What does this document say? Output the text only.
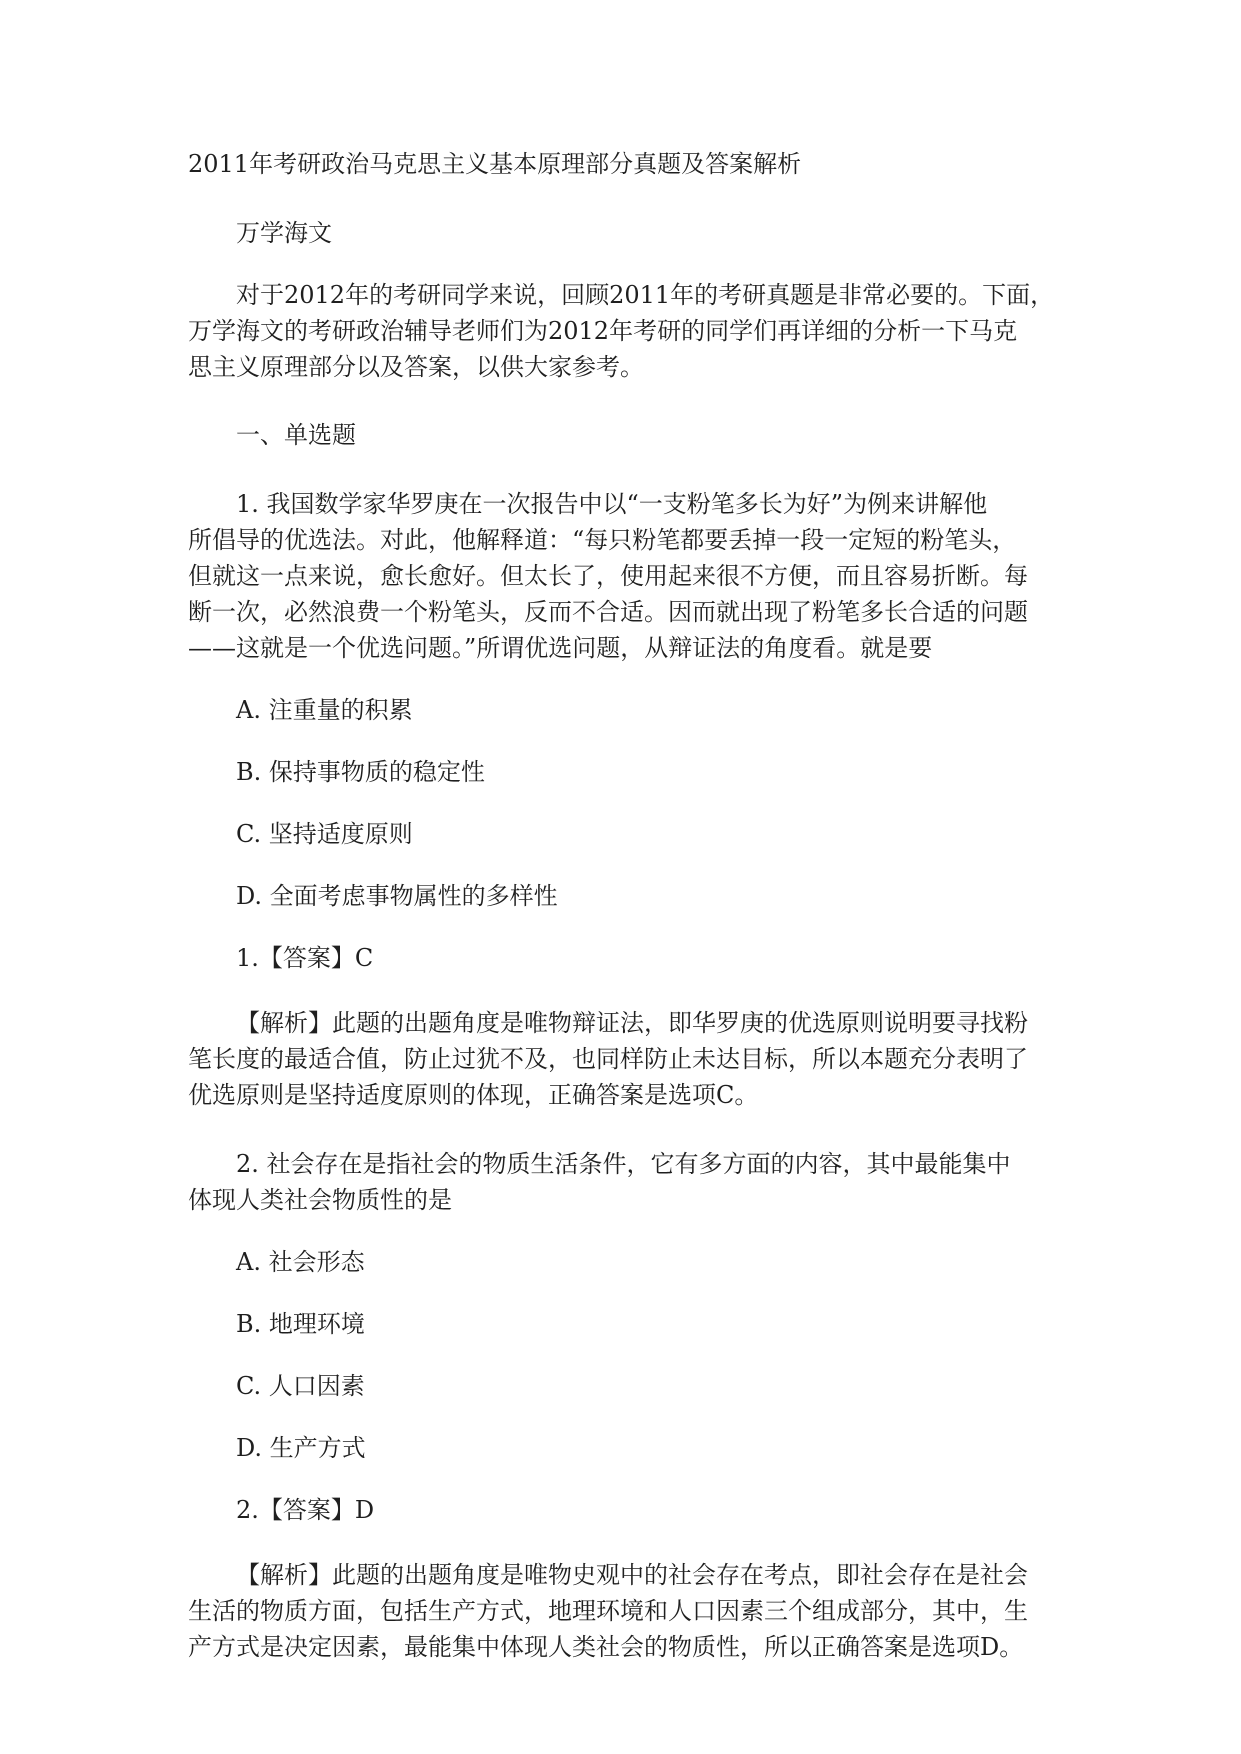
2011年考研政治马克思主义基本原理部分真题及答案解析
万学海文
对于2012年的考研同学来说，回顾2011年的考研真题是非常必要的。下面，
万学海文的考研政治辅导老师们为2012年考研的同学们再详细的分析一下马克
思主义原理部分以及答案，以供大家参考。
一、单选题
1. 我国数学家华罗庚在一次报告中以“一支粉笔多长为好”为例来讲解他
所倡导的优选法。对此，他解释道：“每只粉笔都要丢掉一段一定短的粉笔头，
但就这一点来说，愈长愈好。但太长了，使用起来很不方便，而且容易折断。每
断一次，必然浪费一个粉笔头，反而不合适。因而就出现了粉笔多长合适的问题
——这就是一个优选问题。”所谓优选问题，从辩证法的角度看。就是要
A. 注重量的积累
B. 保持事物质的稳定性
C. 坚持适度原则
D. 全面考虑事物属性的多样性
1.【答案】C
【解析】此题的出题角度是唯物辩证法，即华罗庚的优选原则说明要寻找粉
笔长度的最适合值，防止过犹不及，也同样防止未达目标，所以本题充分表明了
优选原则是坚持适度原则的体现，正确答案是选项C。
2. 社会存在是指社会的物质生活条件，它有多方面的内容，其中最能集中
体现人类社会物质性的是
A. 社会形态
B. 地理环境
C. 人口因素
D. 生产方式
2.【答案】D
【解析】此题的出题角度是唯物史观中的社会存在考点，即社会存在是社会
生活的物质方面，包括生产方式，地理环境和人口因素三个组成部分，其中，生
产方式是决定因素，最能集中体现人类社会的物质性，所以正确答案是选项D。
